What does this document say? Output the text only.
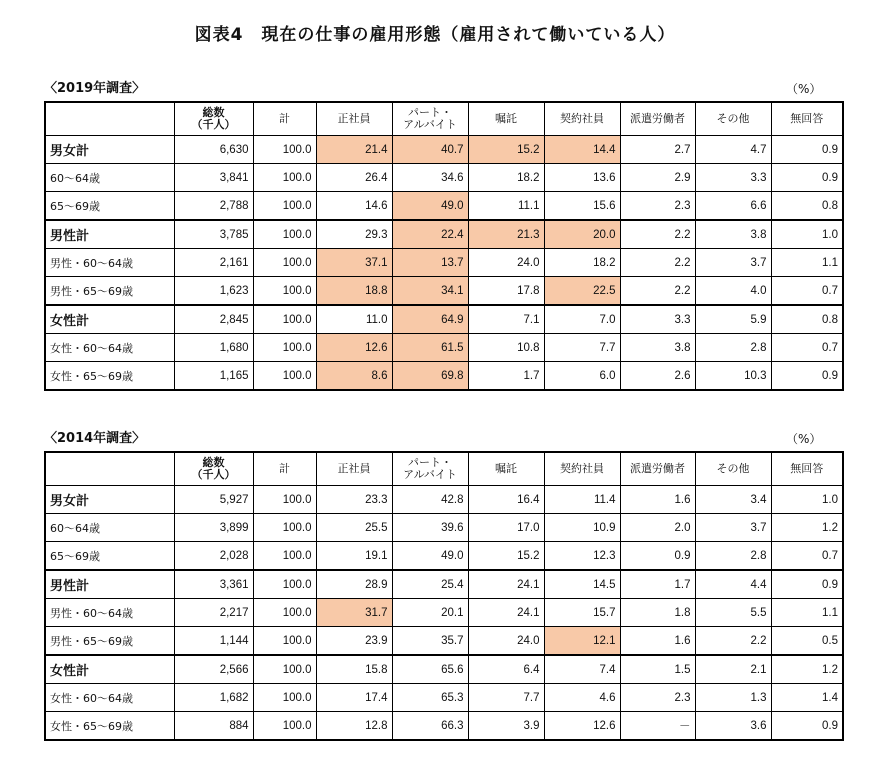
図表4　現在の仕事の雇用形態（雇用されて働いている人）
〈2019年調査〉	（%）
	総数
（千人）	計	正社員	パート・
アルバイト	嘱託	契約社員	派遣労働者	その他	無回答
男女計	6,630	100.0	21.4	40.7	15.2	14.4	2.7	4.7	0.9
60～64歳	3,841	100.0	26.4	34.6	18.2	13.6	2.9	3.3	0.9
65～69歳	2,788	100.0	14.6	49.0	11.1	15.6	2.3	6.6	0.8
男性計	3,785	100.0	29.3	22.4	21.3	20.0	2.2	3.8	1.0
男性・60～64歳	2,161	100.0	37.1	13.7	24.0	18.2	2.2	3.7	1.1
男性・65～69歳	1,623	100.0	18.8	34.1	17.8	22.5	2.2	4.0	0.7
女性計	2,845	100.0	11.0	64.9	7.1	7.0	3.3	5.9	0.8
女性・60～64歳	1,680	100.0	12.6	61.5	10.8	7.7	3.8	2.8	0.7
女性・65～69歳	1,165	100.0	8.6	69.8	1.7	6.0	2.6	10.3	0.9
〈2014年調査〉	（%）
	総数
（千人）	計	正社員	パート・
アルバイト	嘱託	契約社員	派遣労働者	その他	無回答
男女計	5,927	100.0	23.3	42.8	16.4	11.4	1.6	3.4	1.0
60～64歳	3,899	100.0	25.5	39.6	17.0	10.9	2.0	3.7	1.2
65～69歳	2,028	100.0	19.1	49.0	15.2	12.3	0.9	2.8	0.7
男性計	3,361	100.0	28.9	25.4	24.1	14.5	1.7	4.4	0.9
男性・60～64歳	2,217	100.0	31.7	20.1	24.1	15.7	1.8	5.5	1.1
男性・65～69歳	1,144	100.0	23.9	35.7	24.0	12.1	1.6	2.2	0.5
女性計	2,566	100.0	15.8	65.6	6.4	7.4	1.5	2.1	1.2
女性・60～64歳	1,682	100.0	17.4	65.3	7.7	4.6	2.3	1.3	1.4
女性・65～69歳	884	100.0	12.8	66.3	3.9	12.6	－	3.6	0.9
